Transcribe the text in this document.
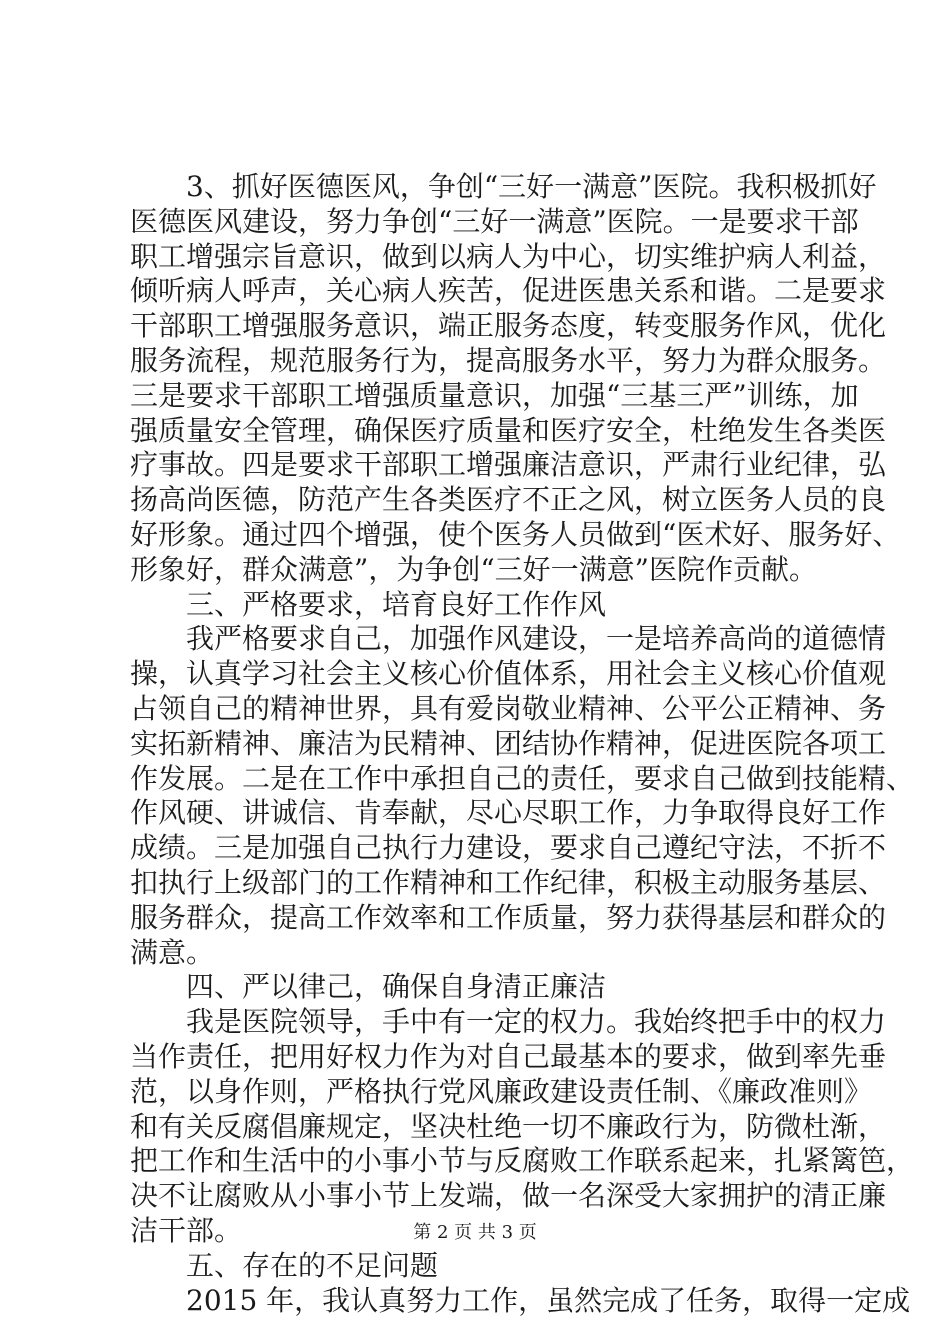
3、抓好医德医风，争创“三好一满意”医院。我积极抓好
医德医风建设，努力争创“三好一满意”医院。一是要求干部
职工增强宗旨意识，做到以病人为中心，切实维护病人利益，
倾听病人呼声，关心病人疾苦，促进医患关系和谐。二是要求
干部职工增强服务意识，端正服务态度，转变服务作风，优化
服务流程，规范服务行为，提高服务水平，努力为群众服务。
三是要求干部职工增强质量意识，加强“三基三严”训练，加
强质量安全管理，确保医疗质量和医疗安全，杜绝发生各类医
疗事故。四是要求干部职工增强廉洁意识，严肃行业纪律，弘
扬高尚医德，防范产生各类医疗不正之风，树立医务人员的良
好形象。通过四个增强，使个医务人员做到“医术好、服务好、
形象好，群众满意”，为争创“三好一满意”医院作贡献。
三、严格要求，培育良好工作作风
我严格要求自己，加强作风建设，一是培养高尚的道德情
操，认真学习社会主义核心价值体系，用社会主义核心价值观
占领自己的精神世界，具有爱岗敬业精神、公平公正精神、务
实拓新精神、廉洁为民精神、团结协作精神，促进医院各项工
作发展。二是在工作中承担自己的责任，要求自己做到技能精、
作风硬、讲诚信、肯奉献，尽心尽职工作，力争取得良好工作
成绩。三是加强自己执行力建设，要求自己遵纪守法，不折不
扣执行上级部门的工作精神和工作纪律，积极主动服务基层、
服务群众，提高工作效率和工作质量，努力获得基层和群众的
满意。
四、严以律己，确保自身清正廉洁
我是医院领导，手中有一定的权力。我始终把手中的权力
当作责任，把用好权力作为对自己最基本的要求，做到率先垂
范，以身作则，严格执行党风廉政建设责任制、《廉政准则》
和有关反腐倡廉规定，坚决杜绝一切不廉政行为，防微杜渐，
把工作和生活中的小事小节与反腐败工作联系起来，扎紧篱笆，
决不让腐败从小事小节上发端，做一名深受大家拥护的清正廉
洁干部。
五、存在的不足问题
2015 年，我认真努力工作，虽然完成了任务，取得一定成
第 2 页 共 3 页
